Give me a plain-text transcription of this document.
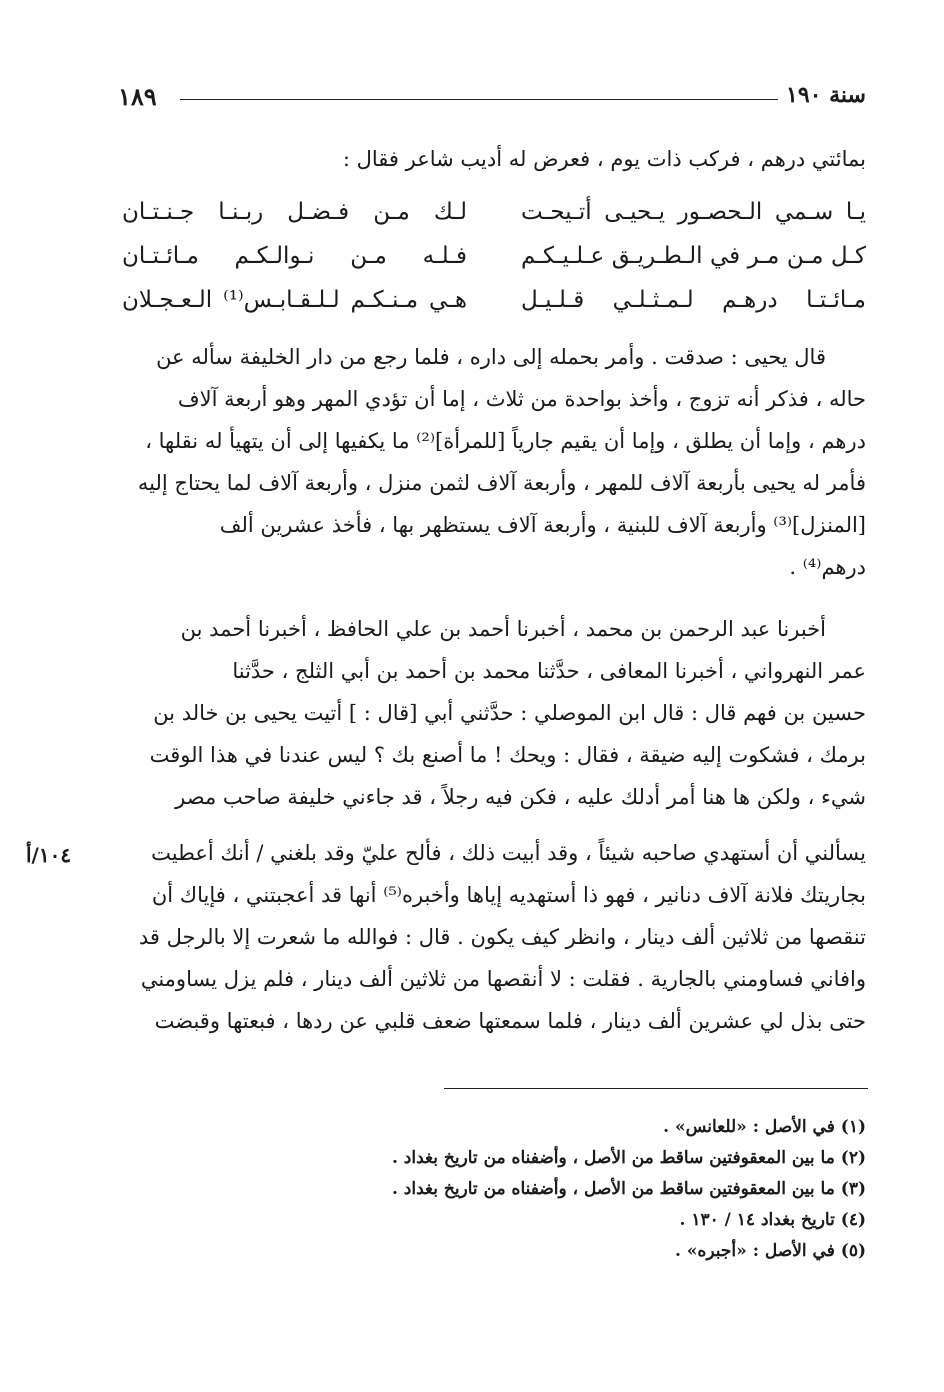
١٨٩	سنة ١٩٠
بمائتي درهم ، فركب ذات يوم ، فعرض له أديب شاعر فقال :
يـا سـمي الـحصـور يـحيـى أتـيحـت
لـك مـن فـضـل ربـنـا جـنـتـان
كـل مـن مـر في الـطـريـق عـلـيـكـم
فـلـه مـن نـوالـكـم مـائـتـان
مـائـتـا درهـم لـمـثـلـي قـلـيـل
هـي مـنـكـم لـلـقـابـس⁽¹⁾ الـعـجـلان
قال يحيى : صدقت . وأمر بحمله إلى داره ، فلما رجع من دار الخليفة سأله عن
حاله ، فذكر أنه تزوج ، وأخذ بواحدة من ثلاث ، إما أن تؤدي المهر وهو أربعة آلاف
درهم ، وإما أن يطلق ، وإما أن يقيم جارياً [للمرأة]⁽²⁾ ما يكفيها إلى أن يتهيأ له نقلها ،
فأمر له يحيى بأربعة آلاف للمهر ، وأربعة آلاف لثمن منزل ، وأربعة آلاف لما يحتاج إليه
[المنزل]⁽³⁾ وأربعة آلاف للبنية ، وأربعة آلاف يستظهر بها ، فأخذ عشرين ألف
درهم⁽⁴⁾ .
أخبرنا عبد الرحمن بن محمد ، أخبرنا أحمد بن علي الحافظ ، أخبرنا أحمد بن
عمر النهرواني ، أخبرنا المعافى ، حدَّثنا محمد بن أحمد بن أبي الثلج ، حدَّثنا
حسين بن فهم قال : قال ابن الموصلي : حدَّثني أبي [قال : ] أتيت يحيى بن خالد بن
برمك ، فشكوت إليه ضيقة ، فقال : ويحك ! ما أصنع بك ؟ ليس عندنا في هذا الوقت
شيء ، ولكن ها هنا أمر أدلك عليه ، فكن فيه رجلاً ، قد جاءني خليفة صاحب مصر
يسألني أن أستهدي صاحبه شيئاً ، وقد أبيت ذلك ، فألح عليّ وقد بلغني / أنك أعطيت
بجاريتك فلانة آلاف دنانير ، فهو ذا أستهديه إياها وأخبره⁽⁵⁾ أنها قد أعجبتني ، فإياك أن
تنقصها من ثلاثين ألف دينار ، وانظر كيف يكون . قال : فوالله ما شعرت إلا بالرجل قد
وافاني فساومني بالجارية . فقلت : لا أنقصها من ثلاثين ألف دينار ، فلم يزل يساومني
حتى بذل لي عشرين ألف دينار ، فلما سمعتها ضعف قلبي عن ردها ، فبعتها وقبضت
١٠٤/أ
(١) في الأصل : «للعانس» .
(٢) ما بين المعقوفتين ساقط من الأصل ، وأضفناه من تاريخ بغداد .
(٣) ما بين المعقوفتين ساقط من الأصل ، وأضفناه من تاريخ بغداد .
(٤) تاريخ بغداد ١٤ / ١٣٠ .
(٥) في الأصل : «أجبره» .
